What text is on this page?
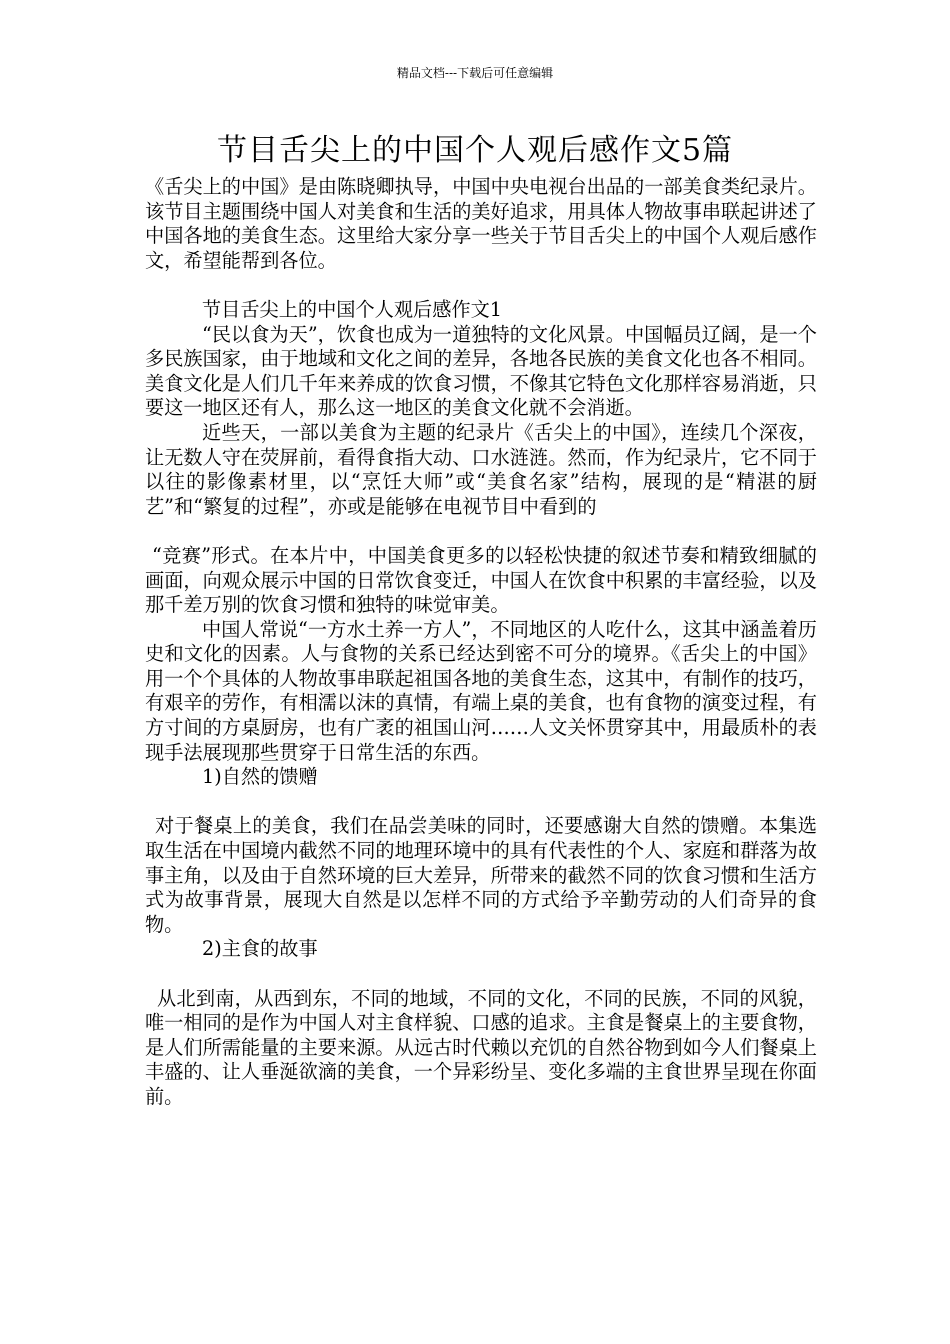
精品文档---下载后可任意编辑
节目舌尖上的中国个人观后感作文5篇

《舌尖上的中国》是由陈晓卿执导，中国中央电视台出品的一部美食类纪录片。该节目主题围绕中国人对美食和生活的美好追求，用具体人物故事串联起讲述了中国各地的美食生态。这里给大家分享一些关于节目舌尖上的中国个人观后感作文，希望能帮到各位。

节目舌尖上的中国个人观后感作文1

“民以食为天”，饮食也成为一道独特的文化风景。中国幅员辽阔，是一个多民族国家，由于地域和文化之间的差异，各地各民族的美食文化也各不相同。美食文化是人们几千年来养成的饮食习惯，不像其它特色文化那样容易消逝，只要这一地区还有人，那么这一地区的美食文化就不会消逝。

近些天，一部以美食为主题的纪录片《舌尖上的中国》，连续几个深夜，让无数人守在荧屏前，看得食指大动、口水涟涟。然而，作为纪录片，它不同于以往的影像素材里，以“烹饪大师”或“美食名家”结构，展现的是“精湛的厨艺”和“繁复的过程”，亦或是能够在电视节目中看到的

“竞赛”形式。在本片中，中国美食更多的以轻松快捷的叙述节奏和精致细腻的画面，向观众展示中国的日常饮食变迁，中国人在饮食中积累的丰富经验，以及那千差万别的饮食习惯和独特的味觉审美。

中国人常说“一方水土养一方人”，不同地区的人吃什么，这其中涵盖着历史和文化的因素。人与食物的关系已经达到密不可分的境界。《舌尖上的中国》用一个个具体的人物故事串联起祖国各地的美食生态，这其中，有制作的技巧，有艰辛的劳作，有相濡以沫的真情，有端上桌的美食，也有食物的演变过程，有方寸间的方桌厨房，也有广袤的祖国山河……人文关怀贯穿其中，用最质朴的表现手法展现那些贯穿于日常生活的东西。

1)自然的馈赠

对于餐桌上的美食，我们在品尝美味的同时，还要感谢大自然的馈赠。本集选取生活在中国境内截然不同的地理环境中的具有代表性的个人、家庭和群落为故事主角，以及由于自然环境的巨大差异，所带来的截然不同的饮食习惯和生活方式为故事背景，展现大自然是以怎样不同的方式给予辛勤劳动的人们奇异的食物。

2)主食的故事

从北到南，从西到东，不同的地域，不同的文化，不同的民族，不同的风貌，唯一相同的是作为中国人对主食样貌、口感的追求。主食是餐桌上的主要食物，是人们所需能量的主要来源。从远古时代赖以充饥的自然谷物到如今人们餐桌上丰盛的、让人垂涎欲滴的美食，一个异彩纷呈、变化多端的主食世界呈现在你面前。
